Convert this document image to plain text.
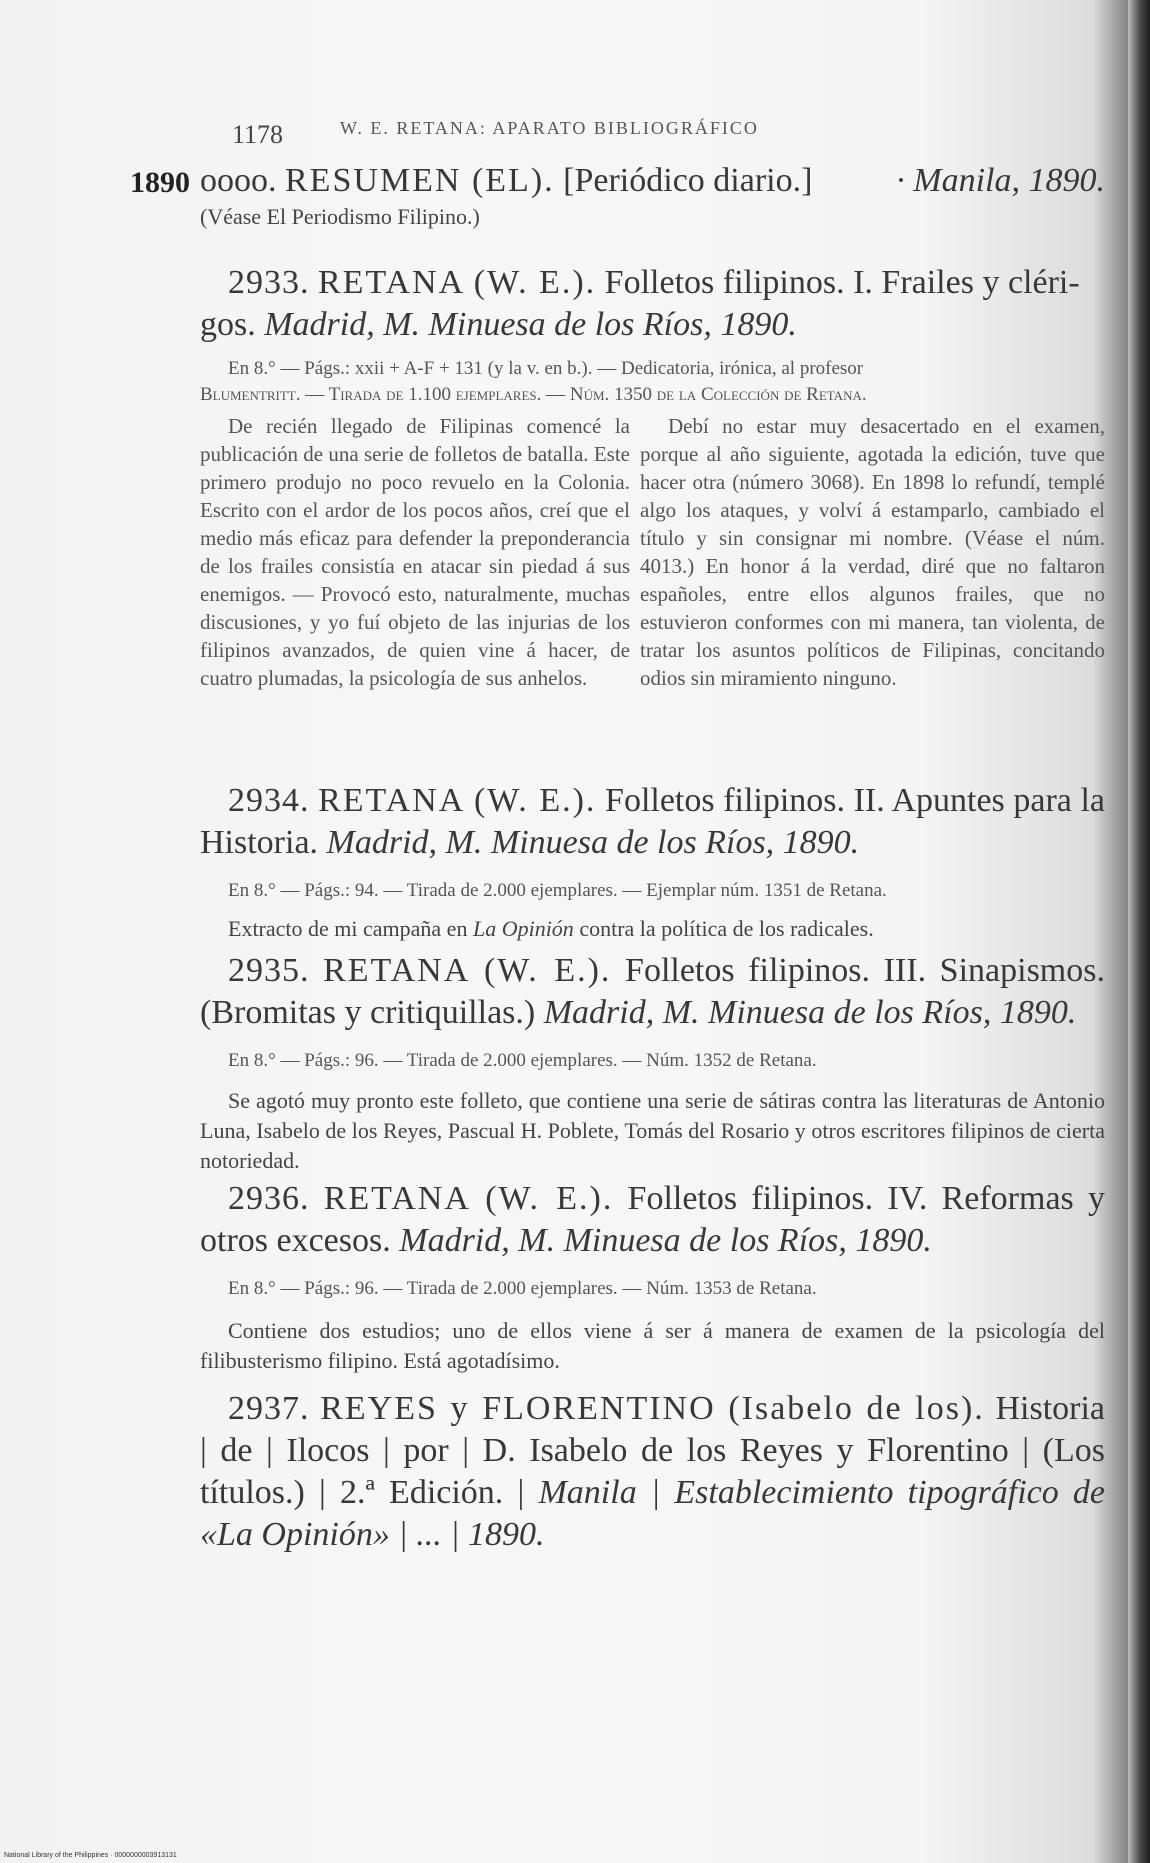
1178	W. E. RETANA: APARATO BIBLIOGRÁFICO
1890 oooo. RESUMEN (EL). [Periódico diario.] · Manila, 1890.
(Véase El Periodismo Filipino.)
2933. RETANA (W. E.). Folletos filipinos. I. Frailes y cléri-
gos. Madrid, M. Minuesa de los Ríos, 1890.
En 8.° — Págs.: xxii + A-F + 131 (y la v. en b.). — Dedicatoria, irónica, al profesor
Blumentritt. — Tirada de 1.100 ejemplares. — Núm. 1350 de la Colección de Retana.
De recién llegado de Filipinas comencé la publicación de una serie de folletos de batalla. Este primero produjo no poco revuelo en la Colonia. Escrito con el ardor de los pocos años, creí que el medio más eficaz para defender la preponderancia de los frailes consistía en atacar sin piedad á sus enemigos. — Provocó esto, naturalmente, muchas discusiones, y yo fuí objeto de las injurias de los filipinos avanzados, de quien vine á hacer, de cuatro plumadas, la psicología de sus anhelos.
Debí no estar muy desacertado en el examen, porque al año siguiente, agotada la edición, tuve que hacer otra (número 3068). En 1898 lo refundí, templé algo los ataques, y volví á estamparlo, cambiado el título y sin consignar mi nombre. (Véase el núm. 4013.) En honor á la verdad, diré que no faltaron españoles, entre ellos algunos frailes, que no estuvieron conformes con mi manera, tan violenta, de tratar los asuntos políticos de Filipinas, concitando odios sin miramiento ninguno.
2934. RETANA (W. E.). Folletos filipinos. II. Apuntes para la Historia. Madrid, M. Minuesa de los Ríos, 1890.
En 8.° — Págs.: 94. — Tirada de 2.000 ejemplares. — Ejemplar núm. 1351 de Retana.
Extracto de mi campaña en La Opinión contra la política de los radicales.
2935. RETANA (W. E.). Folletos filipinos. III. Sinapismos. (Bromitas y critiquillas.) Madrid, M. Minuesa de los Ríos, 1890.
En 8.° — Págs.: 96. — Tirada de 2.000 ejemplares. — Núm. 1352 de Retana.
Se agotó muy pronto este folleto, que contiene una serie de sátiras contra las literaturas de Antonio Luna, Isabelo de los Reyes, Pascual H. Poblete, Tomás del Rosario y otros escritores filipinos de cierta notoriedad.
2936. RETANA (W. E.). Folletos filipinos. IV. Reformas y otros excesos. Madrid, M. Minuesa de los Ríos, 1890.
En 8.° — Págs.: 96. — Tirada de 2.000 ejemplares. — Núm. 1353 de Retana.
Contiene dos estudios; uno de ellos viene á ser á manera de examen de la psicología del filibusterismo filipino. Está agotadísimo.
2937. REYES y FLORENTINO (Isabelo de los). Historia | de | Ilocos | por | D. Isabelo de los Reyes y Florentino | (Los títulos.) | 2.ª Edición. | Manila | Establecimiento tipográfico de «La Opinión» | ... | 1890.
National Library of the Philippines · 0000000003913131
